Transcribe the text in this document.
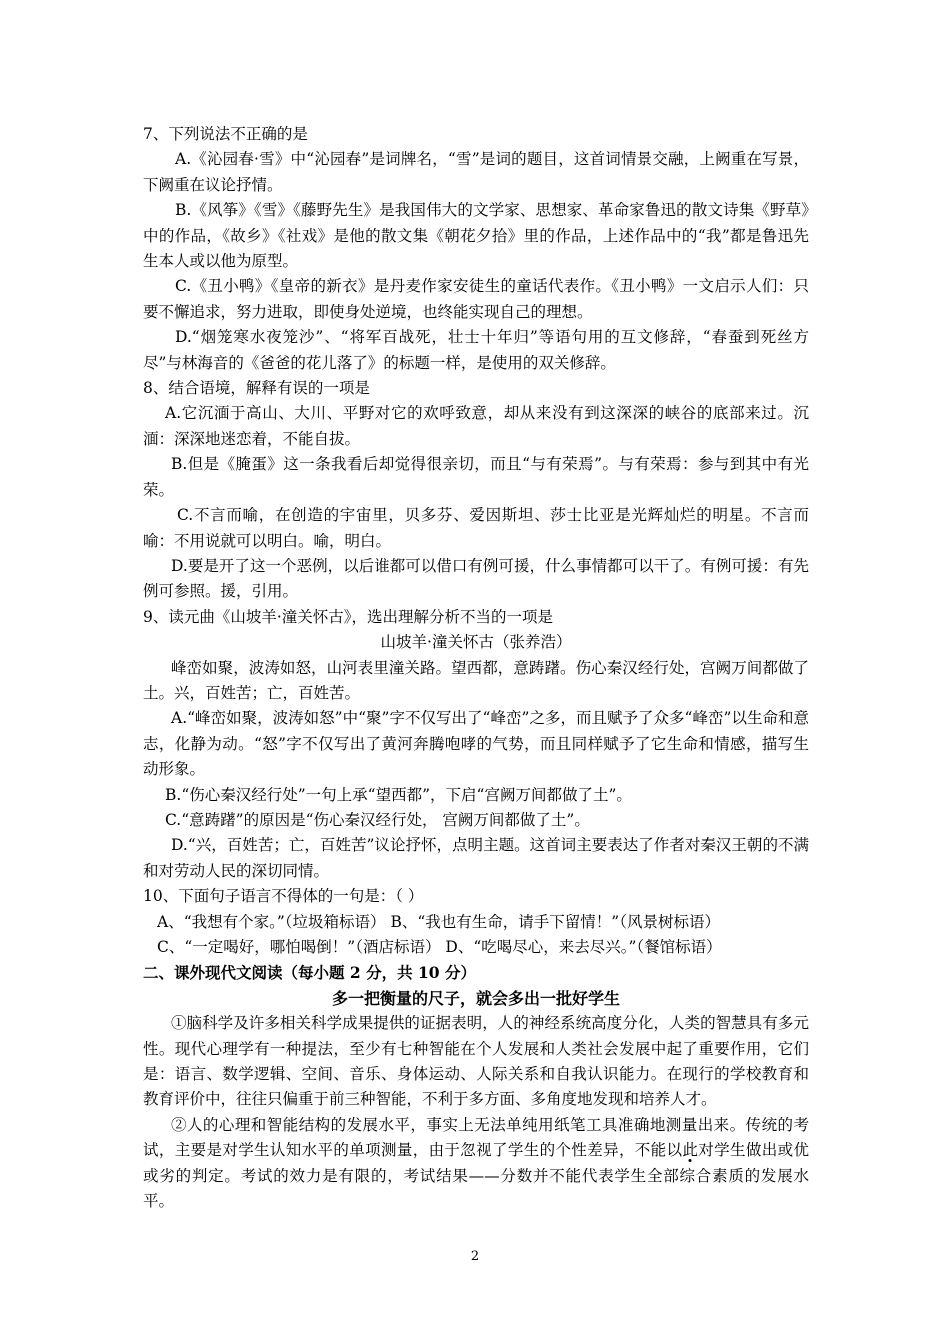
7、下列说法不正确的是

A.《沁园春·雪》中“沁园春”是词牌名，“雪”是词的题目，这首词情景交融，上阙重在写景，下阙重在议论抒情。

B.《风筝》《雪》《藤野先生》是我国伟大的文学家、思想家、革命家鲁迅的散文诗集《野草》中的作品，《故乡》《社戏》是他的散文集《朝花夕拾》里的作品，上述作品中的“我”都是鲁迅先生本人或以他为原型。

C.《丑小鸭》《皇帝的新衣》是丹麦作家安徒生的童话代表作。《丑小鸭》一文启示人们：只要不懈追求，努力进取，即使身处逆境，也终能实现自己的理想。

D.“烟笼寒水夜笼沙”、“将军百战死，壮士十年归”等语句用的互文修辞，“春蚕到死丝方尽”与林海音的《爸爸的花儿落了》的标题一样，是使用的双关修辞。

8、结合语境，解释有误的一项是

A.它沉湎于高山、大川、平野对它的欢呼致意，却从来没有到这深深的峡谷的底部来过。沉湎：深深地迷恋着，不能自拔。

B.但是《腌蛋》这一条我看后却觉得很亲切，而且“与有荣焉”。与有荣焉：参与到其中有光荣。

C.不言而喻，在创造的宇宙里，贝多芬、爱因斯坦、莎士比亚是光辉灿烂的明星。不言而喻：不用说就可以明白。喻，明白。

D.要是开了这一个恶例，以后谁都可以借口有例可援，什么事情都可以干了。有例可援：有先例可参照。援，引用。

9、读元曲《山坡羊·潼关怀古》，选出理解分析不当的一项是

山坡羊·潼关怀古（张养浩）

峰峦如聚，波涛如怒，山河表里潼关路。望西都，意踌躇。伤心秦汉经行处，宫阙万间都做了土。兴，百姓苦；亡，百姓苦。

A.“峰峦如聚，波涛如怒”中“聚”字不仅写出了“峰峦”之多，而且赋予了众多“峰峦”以生命和意志，化静为动。“怒”字不仅写出了黄河奔腾咆哮的气势，而且同样赋予了它生命和情感，描写生动形象。

B.“伤心秦汉经行处”一句上承“望西都”，下启“宫阙万间都做了土”。

C.“意踌躇”的原因是“伤心秦汉经行处， 宫阙万间都做了土”。

D.“兴，百姓苦；亡，百姓苦”议论抒怀，点明主题。这首词主要表达了作者对秦汉王朝的不满和对劳动人民的深切同情。

10、下面句子语言不得体的一句是：（ ）

A、“我想有个家。”（垃圾箱标语） B、“我也有生命，请手下留情！”（风景树标语）

C、“一定喝好，哪怕喝倒！”（酒店标语） D、“吃喝尽心，来去尽兴。”（餐馆标语）

二、课外现代文阅读（每小题 2 分，共 10 分）

多一把衡量的尺子，就会多出一批好学生

①脑科学及许多相关科学成果提供的证据表明，人的神经系统高度分化，人类的智慧具有多元性。现代心理学有一种提法，至少有七种智能在个人发展和人类社会发展中起了重要作用，它们是：语言、数学逻辑、空间、音乐、身体运动、人际关系和自我认识能力。在现行的学校教育和教育评价中，往往只偏重于前三种智能，不利于多方面、多角度地发现和培养人才。

②人的心理和智能结构的发展水平，事实上无法单纯用纸笔工具准确地测量出来。传统的考试，主要是对学生认知水平的单项测量，由于忽视了学生的个性差异，不能以此对学生做出或优或劣的判定。考试的效力是有限的，考试结果——分数并不能代表学生全部综合素质的发展水平。

2
